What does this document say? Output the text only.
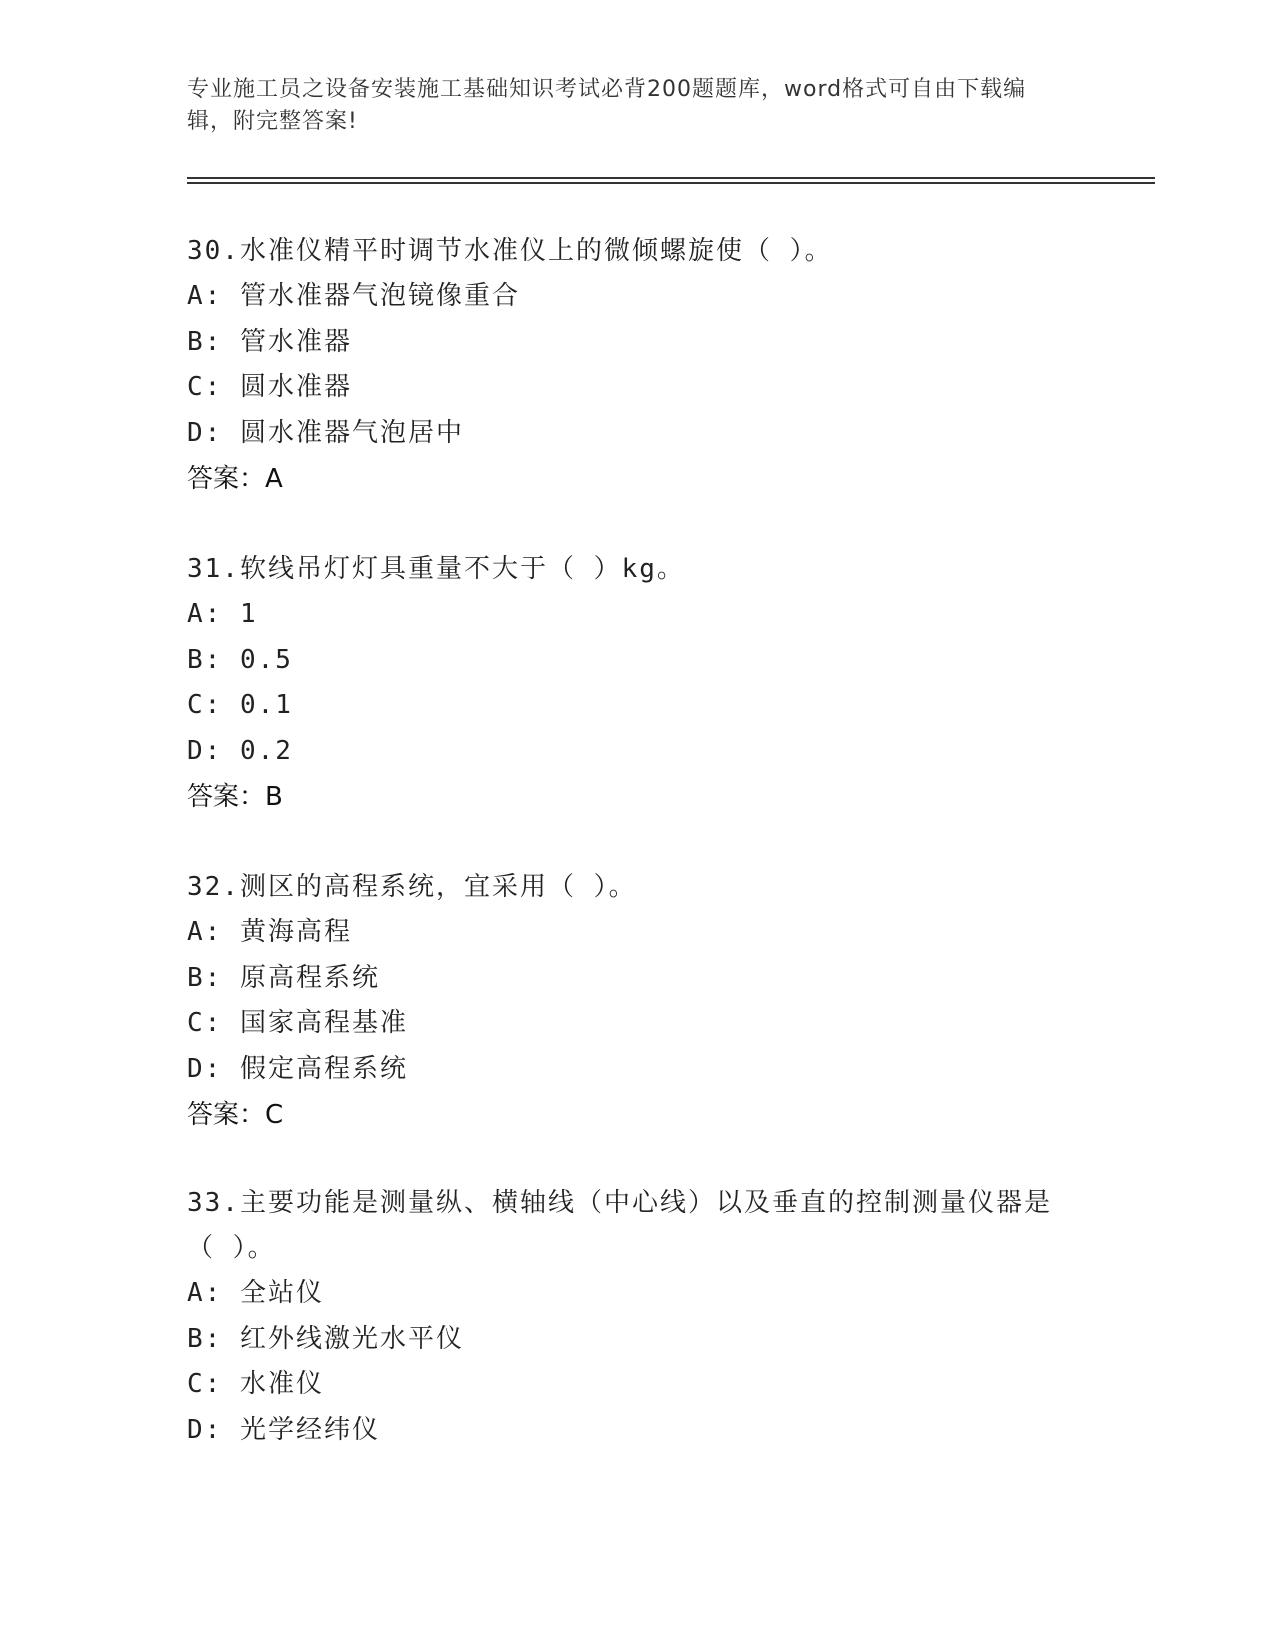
专业施工员之设备安装施工基础知识考试必背200题题库，word格式可自由下载编辑，附完整答案!
30.水准仪精平时调节水准仪上的微倾螺旋使（ ）。
A: 管水准器气泡镜像重合
B: 管水准器
C: 圆水准器
D: 圆水准器气泡居中
答案：A
31.软线吊灯灯具重量不大于（ ）kg。
A: 1
B: 0.5
C: 0.1
D: 0.2
答案：B
32.测区的高程系统，宜采用（ ）。
A: 黄海高程
B: 原高程系统
C: 国家高程基准
D: 假定高程系统
答案：C
33.主要功能是测量纵、横轴线（中心线）以及垂直的控制测量仪器是（ ）。
A: 全站仪
B: 红外线激光水平仪
C: 水准仪
D: 光学经纬仪
